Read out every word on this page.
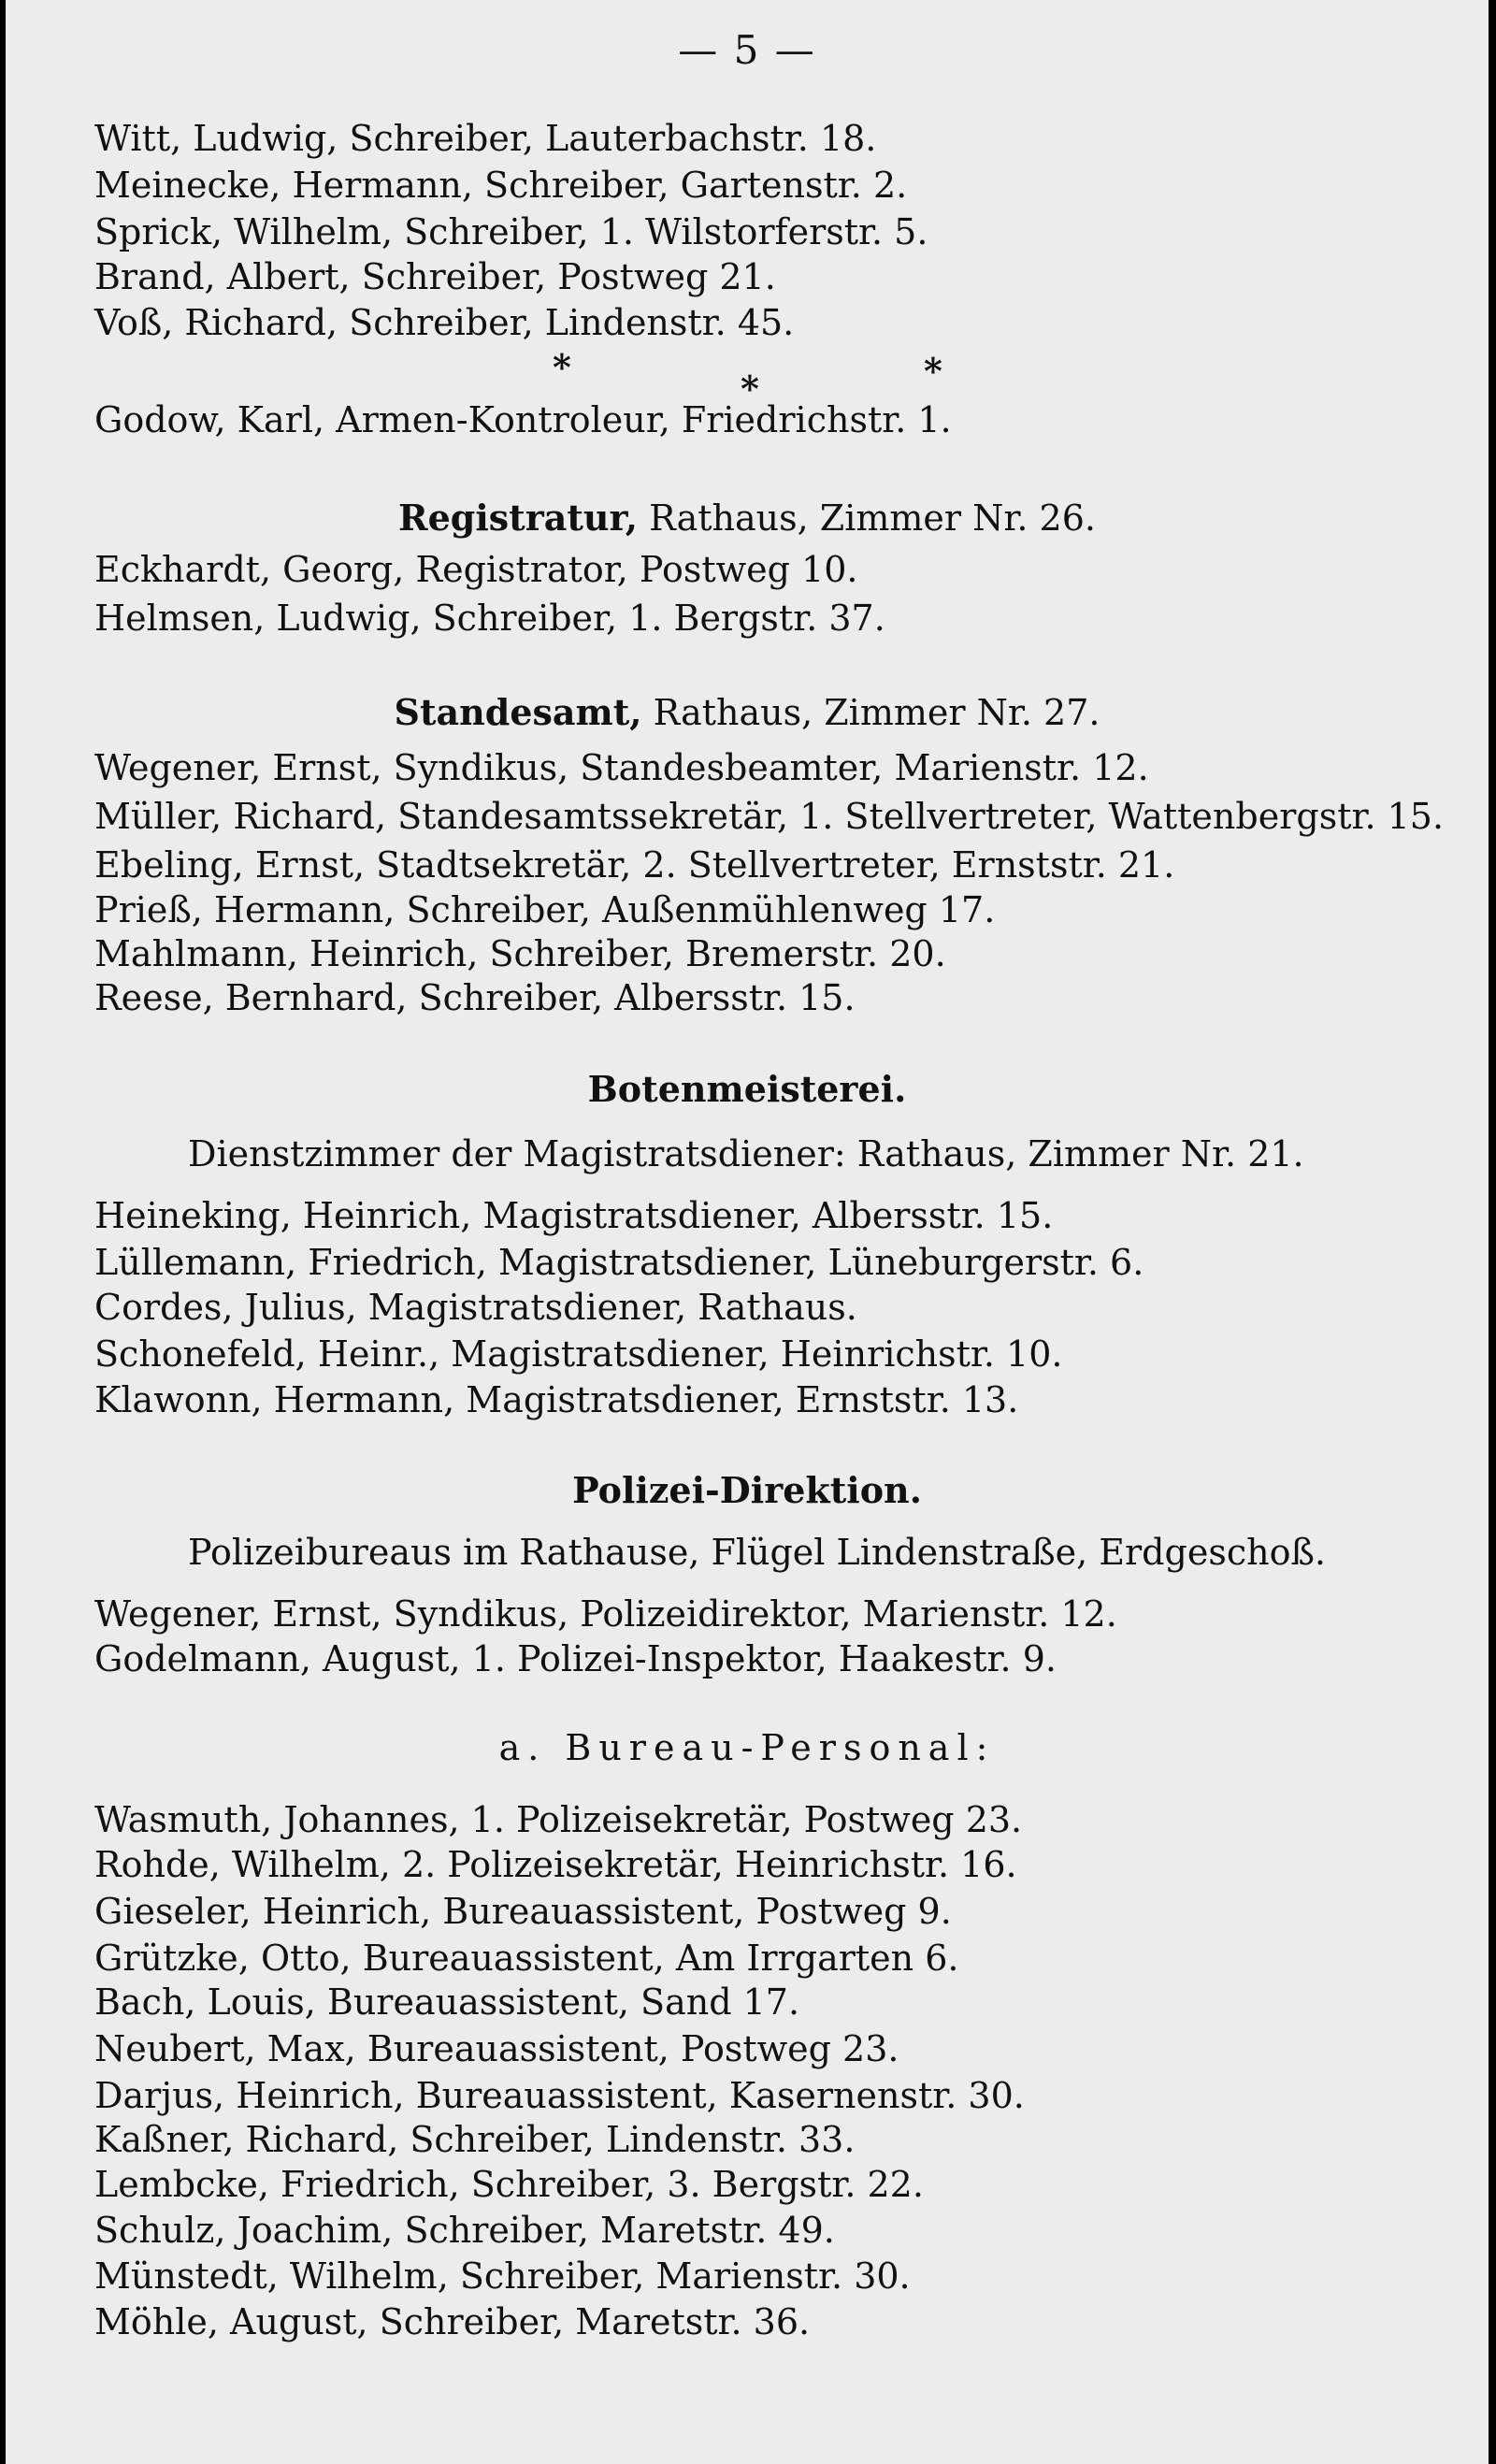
— 5 —
Witt, Ludwig, Schreiber, Lauterbachstr. 18.
Meinecke, Hermann, Schreiber, Gartenstr. 2.
Sprick, Wilhelm, Schreiber, 1. Wilstorferstr. 5.
Brand, Albert, Schreiber, Postweg 21.
Voß, Richard, Schreiber, Lindenstr. 45.
*
*	*
Godow, Karl, Armen-Kontroleur, Friedrichstr. 1.
Registratur, Rathaus, Zimmer Nr. 26.
Eckhardt, Georg, Registrator, Postweg 10.
Helmsen, Ludwig, Schreiber, 1. Bergstr. 37.
Standesamt, Rathaus, Zimmer Nr. 27.
Wegener, Ernst, Syndikus, Standesbeamter, Marienstr. 12.
Müller, Richard, Standesamtssekretär, 1. Stellvertreter, Wattenbergstr. 15.
Ebeling, Ernst, Stadtsekretär, 2. Stellvertreter, Ernststr. 21.
Prieß, Hermann, Schreiber, Außenmühlenweg 17.
Mahlmann, Heinrich, Schreiber, Bremerstr. 20.
Reese, Bernhard, Schreiber, Albersstr. 15.
Botenmeisterei.
Dienstzimmer der Magistratsdiener: Rathaus, Zimmer Nr. 21.
Heineking, Heinrich, Magistratsdiener, Albersstr. 15.
Lüllemann, Friedrich, Magistratsdiener, Lüneburgerstr. 6.
Cordes, Julius, Magistratsdiener, Rathaus.
Schonefeld, Heinr., Magistratsdiener, Heinrichstr. 10.
Klawonn, Hermann, Magistratsdiener, Ernststr. 13.
Polizei-Direktion.
Polizeibureaus im Rathause, Flügel Lindenstraße, Erdgeschoß.
Wegener, Ernst, Syndikus, Polizeidirektor, Marienstr. 12.
Godelmann, August, 1. Polizei-Inspektor, Haakestr. 9.
a. Bureau-Personal:
Wasmuth, Johannes, 1. Polizeisekretär, Postweg 23.
Rohde, Wilhelm, 2. Polizeisekretär, Heinrichstr. 16.
Gieseler, Heinrich, Bureauassistent, Postweg 9.
Grützke, Otto, Bureauassistent, Am Irrgarten 6.
Bach, Louis, Bureauassistent, Sand 17.
Neubert, Max, Bureauassistent, Postweg 23.
Darjus, Heinrich, Bureauassistent, Kasernenstr. 30.
Kaßner, Richard, Schreiber, Lindenstr. 33.
Lembcke, Friedrich, Schreiber, 3. Bergstr. 22.
Schulz, Joachim, Schreiber, Maretstr. 49.
Münstedt, Wilhelm, Schreiber, Marienstr. 30.
Möhle, August, Schreiber, Maretstr. 36.
